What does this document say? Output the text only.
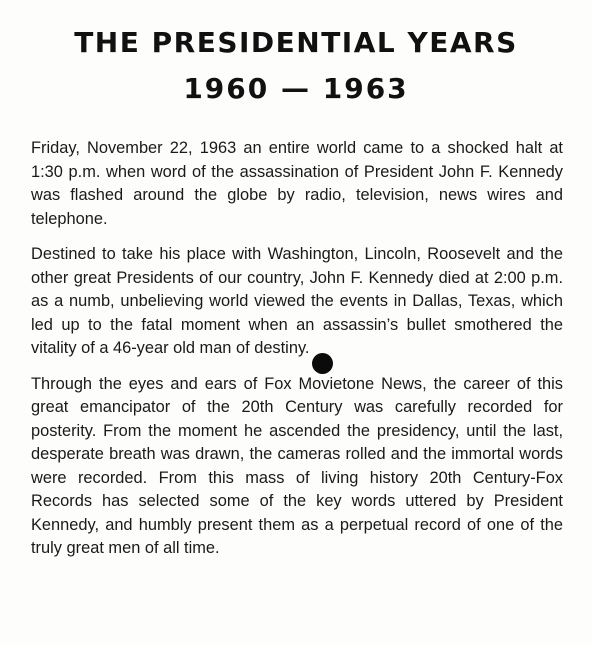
THE PRESIDENTIAL YEARS
1960 — 1963

Friday, November 22, 1963 an entire world came to a shocked halt at 1:30 p.m. when word of the assassination of President John F. Kennedy was flashed around the globe by radio, television, news wires and telephone.

Destined to take his place with Washington, Lincoln, Roosevelt and the other great Presidents of our country, John F. Kennedy died at 2:00 p.m. as a numb, unbelieving world viewed the events in Dallas, Texas, which led up to the fatal moment when an assassin’s bullet smothered the vitality of a 46-year old man of destiny.

Through the eyes and ears of Fox Movietone News, the career of this great emancipator of the 20th Century was carefully recorded for posterity. From the moment he ascended the presidency, until the last, desperate breath was drawn, the cameras rolled and the immortal words were recorded. From this mass of living history 20th Century-Fox Records has selected some of the key words uttered by President Kennedy, and humbly present them as a perpetual record of one of the truly great men of all time.
